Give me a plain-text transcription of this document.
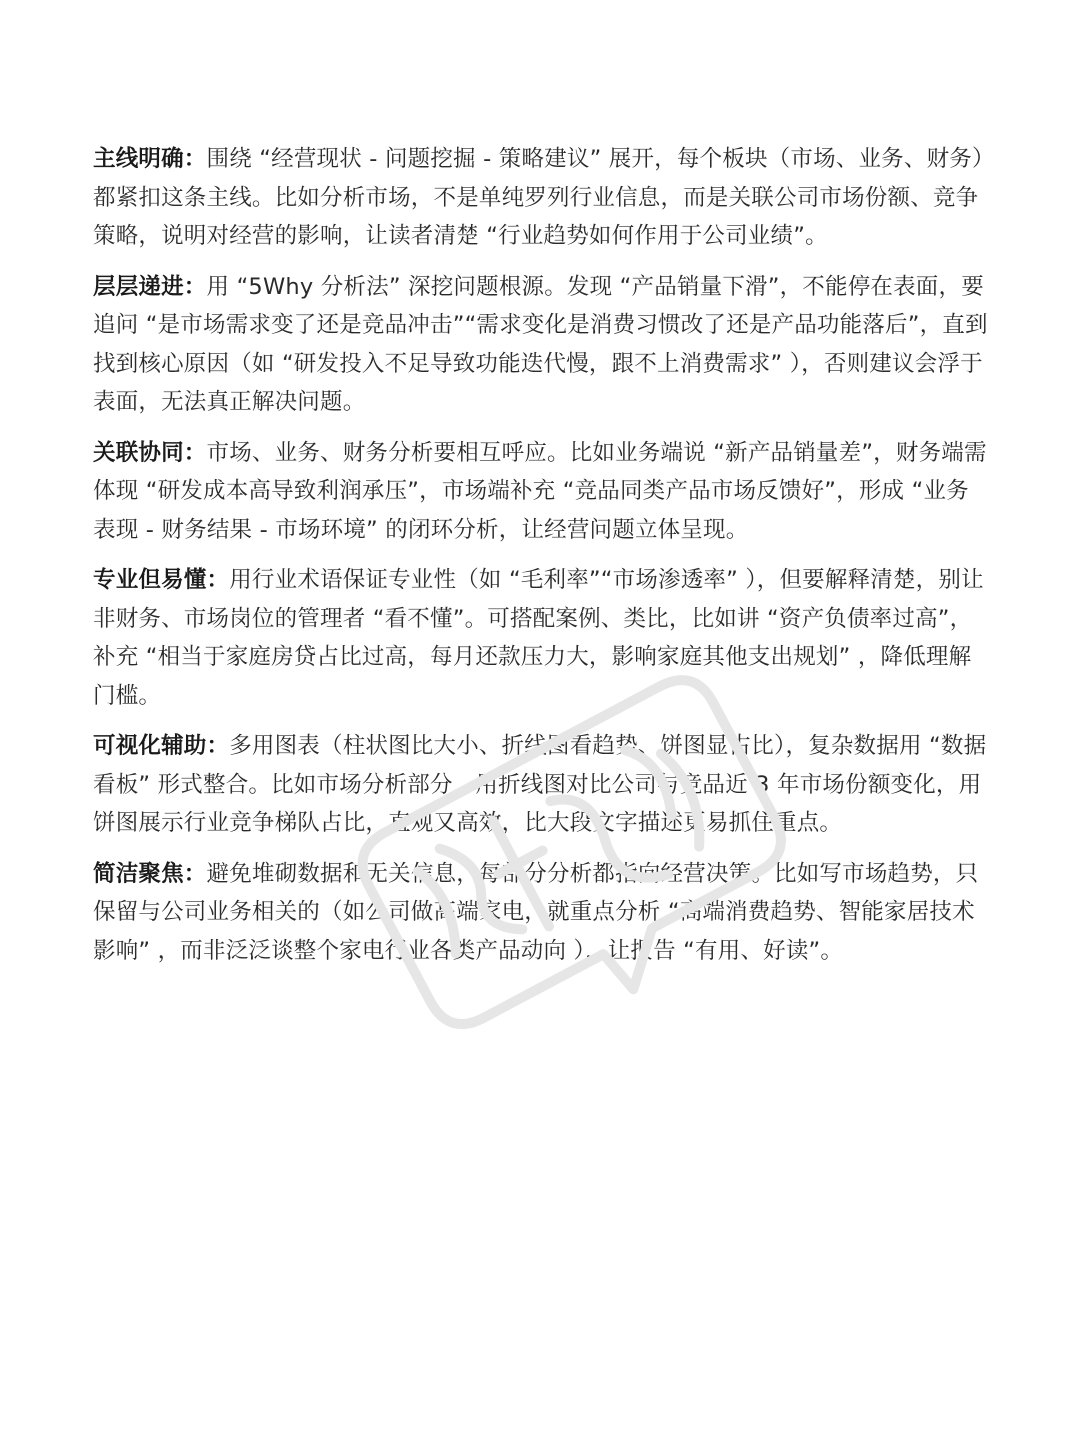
主线明确：围绕 “经营现状 - 问题挖掘 - 策略建议” 展开，每个板块（市场、业务、财务）都紧扣这条主线。比如分析市场，不是单纯罗列行业信息，而是关联公司市场份额、竞争策略，说明对经营的影响，让读者清楚 “行业趋势如何作用于公司业绩”。

层层递进：用 “5Why 分析法” 深挖问题根源。发现 “产品销量下滑”，不能停在表面，要追问 “是市场需求变了还是竞品冲击”“需求变化是消费习惯改了还是产品功能落后”，直到找到核心原因（如 “研发投入不足导致功能迭代慢，跟不上消费需求” ），否则建议会浮于表面，无法真正解决问题。

关联协同：市场、业务、财务分析要相互呼应。比如业务端说 “新产品销量差”，财务端需体现 “研发成本高导致利润承压”，市场端补充 “竞品同类产品市场反馈好”，形成 “业务表现 - 财务结果 - 市场环境” 的闭环分析，让经营问题立体呈现。

专业但易懂：用行业术语保证专业性（如 “毛利率”“市场渗透率” ），但要解释清楚，别让非财务、市场岗位的管理者 “看不懂”。可搭配案例、类比，比如讲 “资产负债率过高”，补充 “相当于家庭房贷占比过高，每月还款压力大，影响家庭其他支出规划” ，降低理解门槛。

可视化辅助：多用图表（柱状图比大小、折线图看趋势、饼图显占比），复杂数据用 “数据看板” 形式整合。比如市场分析部分，用折线图对比公司与竞品近 3 年市场份额变化，用饼图展示行业竞争梯队占比，直观又高效，比大段文字描述更易抓住重点。

简洁聚焦：避免堆砌数据和无关信息，每部分分析都指向经营决策。比如写市场趋势，只保留与公司业务相关的（如公司做高端家电，就重点分析 “高端消费趋势、智能家居技术影响” ，而非泛泛谈整个家电行业各类产品动向 ），让报告 “有用、好读”。
